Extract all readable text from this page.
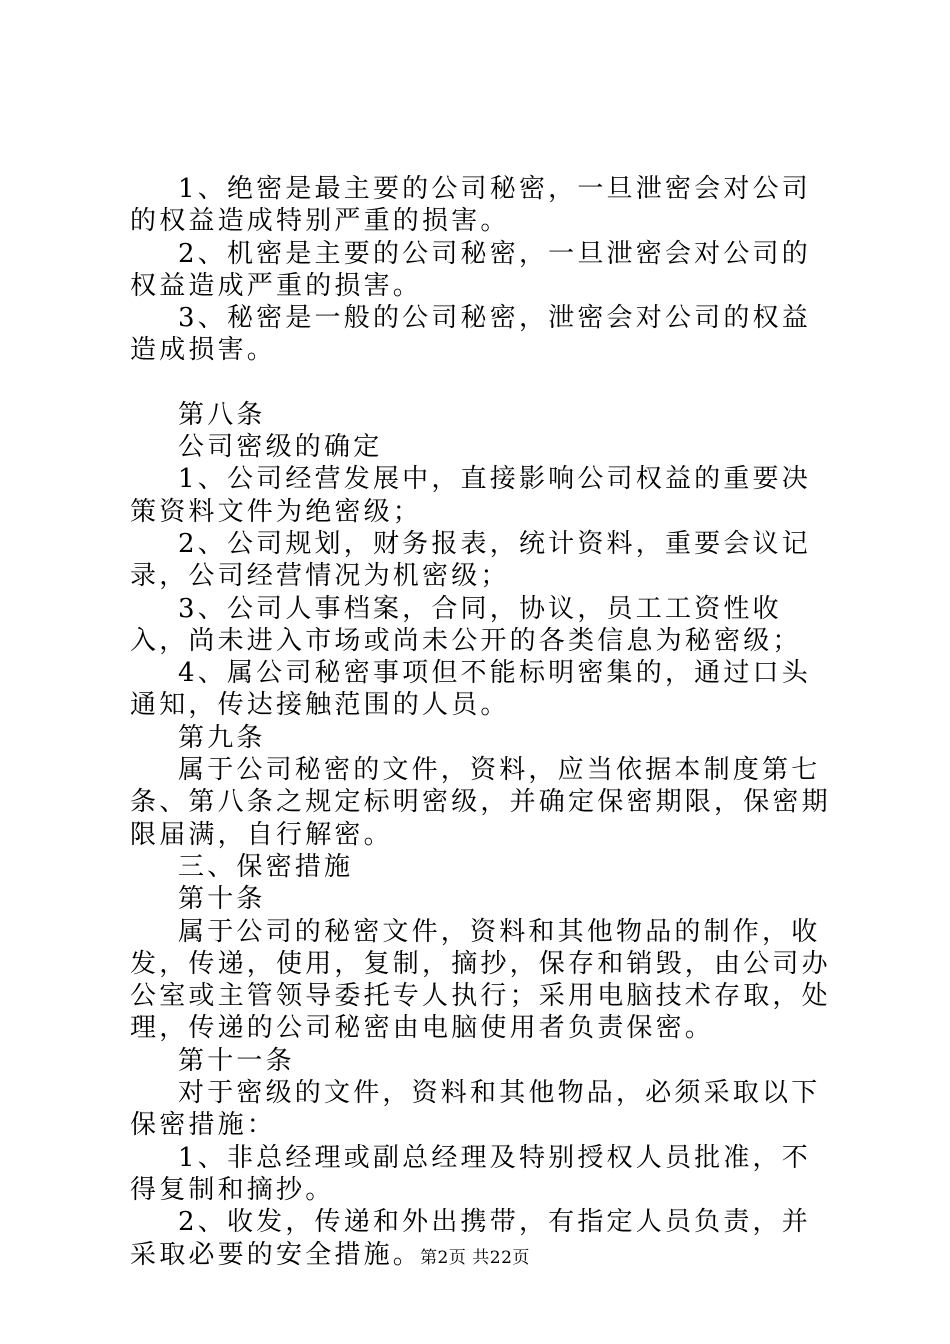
1、绝密是最主要的公司秘密，一旦泄密会对公司的权益造成特别严重的损害。

2、机密是主要的公司秘密，一旦泄密会对公司的权益造成严重的损害。

3、秘密是一般的公司秘密，泄密会对公司的权益造成损害。

第八条

公司密级的确定

1、公司经营发展中，直接影响公司权益的重要决策资料文件为绝密级；

2、公司规划，财务报表，统计资料，重要会议记录，公司经营情况为机密级；

3、公司人事档案，合同，协议，员工工资性收入，尚未进入市场或尚未公开的各类信息为秘密级；

4、属公司秘密事项但不能标明密集的，通过口头通知，传达接触范围的人员。

第九条

属于公司秘密的文件，资料，应当依据本制度第七条、第八条之规定标明密级，并确定保密期限，保密期限届满，自行解密。

三、保密措施

第十条

属于公司的秘密文件，资料和其他物品的制作，收发，传递，使用，复制，摘抄，保存和销毁，由公司办公室或主管领导委托专人执行；采用电脑技术存取，处理，传递的公司秘密由电脑使用者负责保密。

第十一条

对于密级的文件，资料和其他物品，必须采取以下保密措施：

1、非总经理或副总经理及特别授权人员批准，不得复制和摘抄。

2、收发，传递和外出携带，有指定人员负责，并采取必要的安全措施。

第2页 共22页
